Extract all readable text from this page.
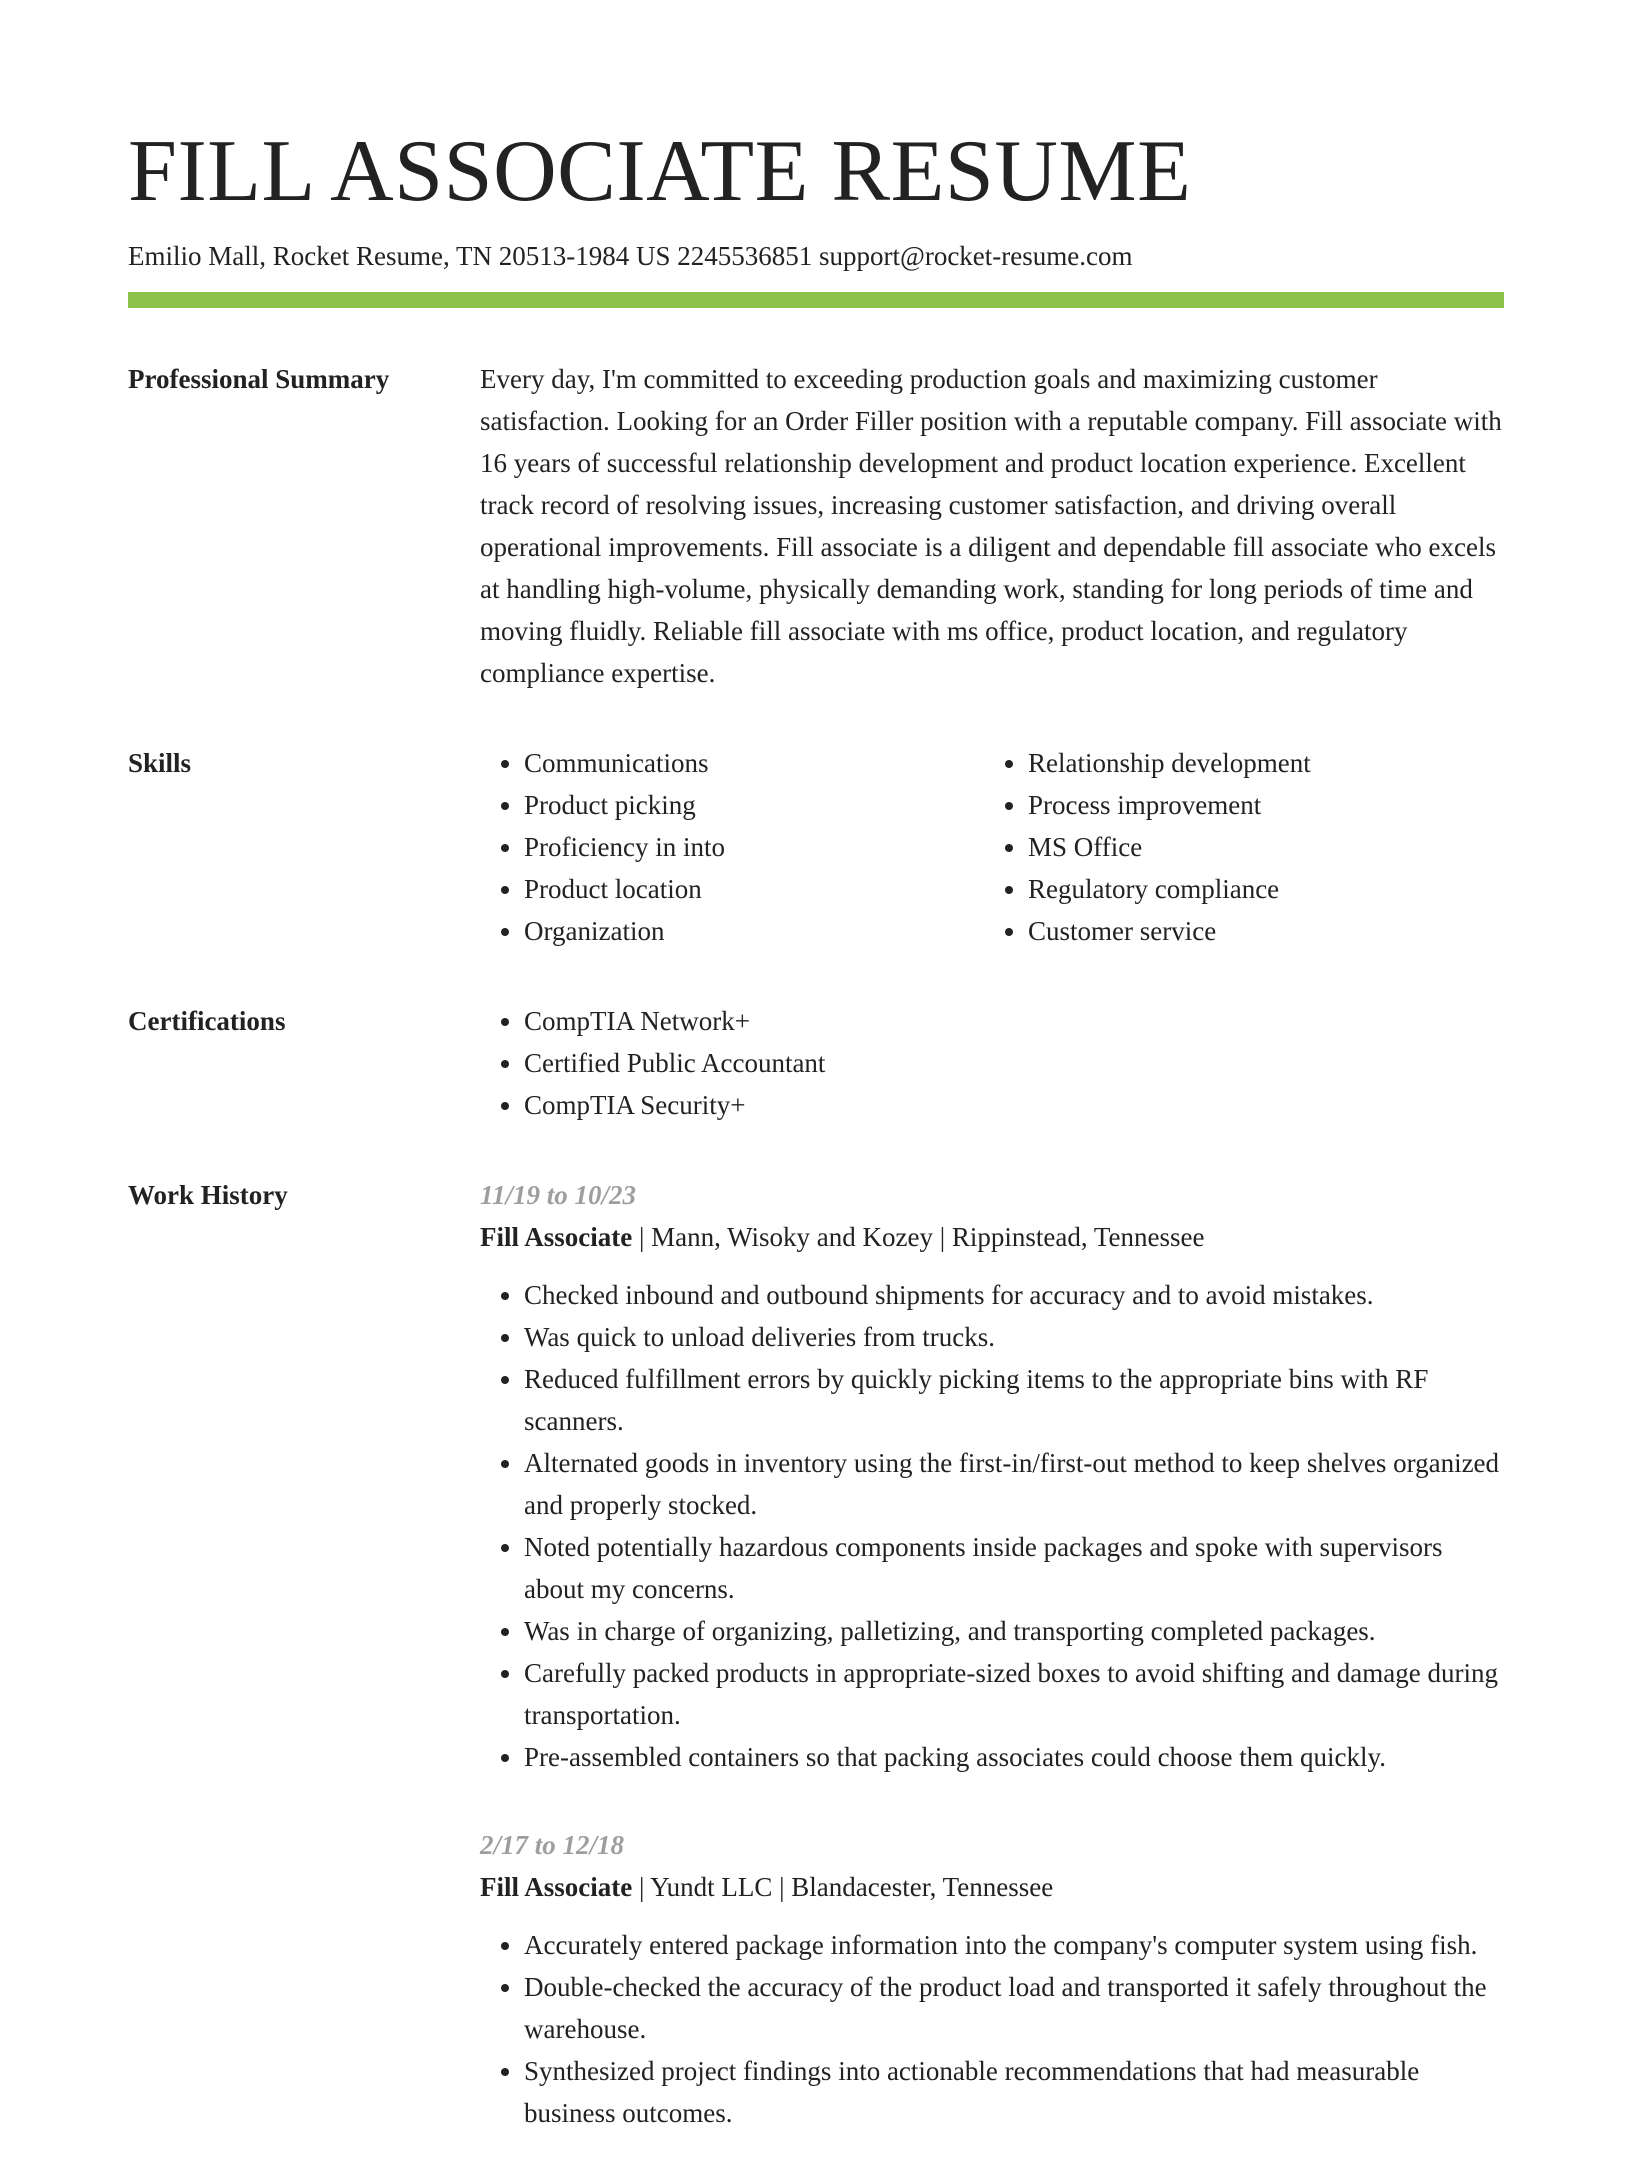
FILL ASSOCIATE RESUME
Emilio Mall, Rocket Resume, TN 20513-1984 US 2245536851 support@rocket-resume.com
Professional Summary	Every day, I'm committed to exceeding production goals and maximizing customer satisfaction. Looking for an Order Filler position with a reputable company. Fill associate with 16 years of successful relationship development and product location experience. Excellent track record of resolving issues, increasing customer satisfaction, and driving overall operational improvements. Fill associate is a diligent and dependable fill associate who excels at handling high-volume, physically demanding work, standing for long periods of time and moving fluidly. Reliable fill associate with ms office, product location, and regulatory compliance expertise.

Skills	• Communications
• Product picking
• Proficiency in into
• Product location
• Organization
• Relationship development
• Process improvement
• MS Office
• Regulatory compliance
• Customer service
Certifications	• CompTIA Network+
• Certified Public Accountant
• CompTIA Security+
Work History	11/19 to 10/23
Fill Associate | Mann, Wisoky and Kozey | Rippinstead, Tennessee
• Checked inbound and outbound shipments for accuracy and to avoid mistakes.
• Was quick to unload deliveries from trucks.
• Reduced fulfillment errors by quickly picking items to the appropriate bins with RF scanners.
• Alternated goods in inventory using the first-in/first-out method to keep shelves organized and properly stocked.
• Noted potentially hazardous components inside packages and spoke with supervisors about my concerns.
• Was in charge of organizing, palletizing, and transporting completed packages.
• Carefully packed products in appropriate-sized boxes to avoid shifting and damage during transportation.
• Pre-assembled containers so that packing associates could choose them quickly.
2/17 to 12/18
Fill Associate | Yundt LLC | Blandacester, Tennessee
• Accurately entered package information into the company's computer system using fish.
• Double-checked the accuracy of the product load and transported it safely throughout the warehouse.
• Synthesized project findings into actionable recommendations that had measurable business outcomes.
